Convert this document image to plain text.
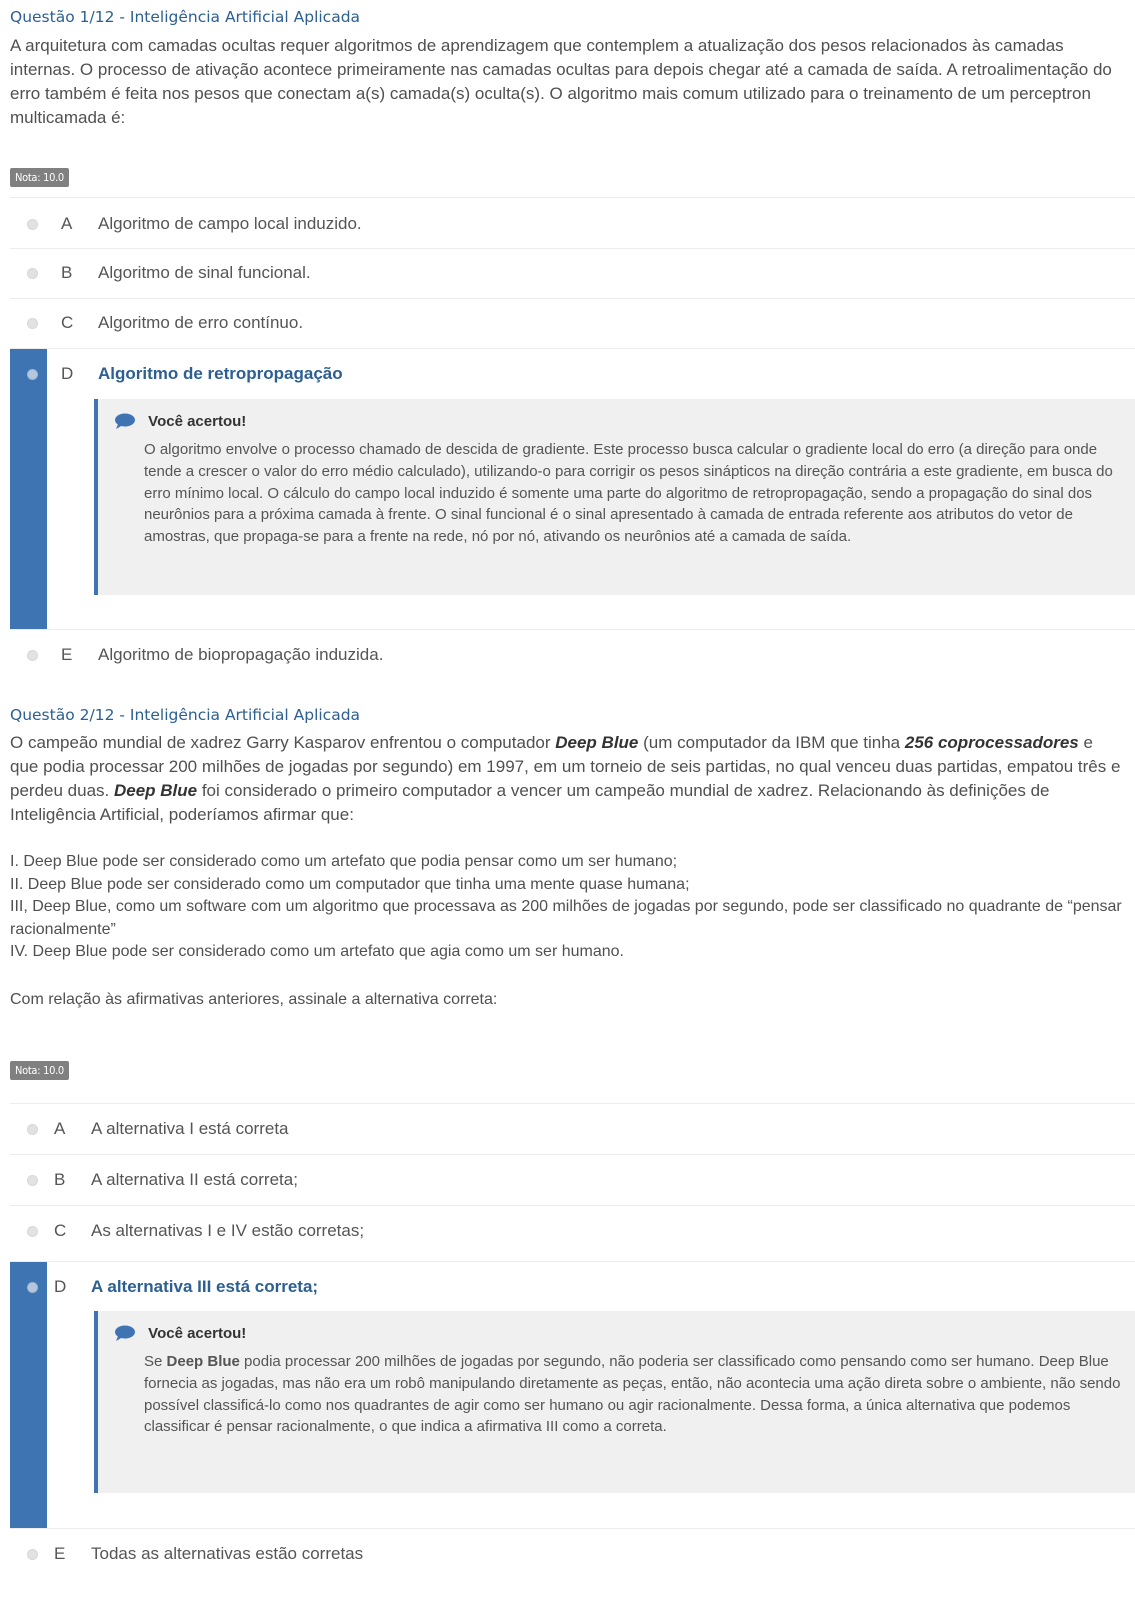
Questão 1/12 - Inteligência Artificial Aplicada

A arquitetura com camadas ocultas requer algoritmos de aprendizagem que contemplem a atualização dos pesos relacionados às camadas internas. O processo de ativação acontece primeiramente nas camadas ocultas para depois chegar até a camada de saída. A retroalimentação do erro também é feita nos pesos que conectam a(s) camada(s) oculta(s). O algoritmo mais comum utilizado para o treinamento de um perceptron multicamada é:

Nota: 10.0
A Algoritmo de campo local induzido.
B Algoritmo de sinal funcional.
C Algoritmo de erro contínuo.
D Algoritmo de retropropagação
Você acertou!

O algoritmo envolve o processo chamado de descida de gradiente. Este processo busca calcular o gradiente local do erro (a direção para onde tende a crescer o valor do erro médio calculado), utilizando-o para corrigir os pesos sinápticos na direção contrária a este gradiente, em busca do erro mínimo local. O cálculo do campo local induzido é somente uma parte do algoritmo de retropropagação, sendo a propagação do sinal dos neurônios para a próxima camada à frente. O sinal funcional é o sinal apresentado à camada de entrada referente aos atributos do vetor de amostras, que propaga-se para a frente na rede, nó por nó, ativando os neurônios até a camada de saída.

E Algoritmo de biopropagação induzida.
Questão 2/12 - Inteligência Artificial Aplicada

O campeão mundial de xadrez Garry Kasparov enfrentou o computador Deep Blue (um computador da IBM que tinha 256 coprocessadores e que podia processar 200 milhões de jogadas por segundo) em 1997, em um torneio de seis partidas, no qual venceu duas partidas, empatou três e perdeu duas. Deep Blue foi considerado o primeiro computador a vencer um campeão mundial de xadrez. Relacionando às definições de Inteligência Artificial, poderíamos afirmar que:

I. Deep Blue pode ser considerado como um artefato que podia pensar como um ser humano;

II. Deep Blue pode ser considerado como um computador que tinha uma mente quase humana;

III, Deep Blue, como um software com um algoritmo que processava as 200 milhões de jogadas por segundo, pode ser classificado no quadrante de “pensar racionalmente”

IV. Deep Blue pode ser considerado como um artefato que agia como um ser humano.

Com relação às afirmativas anteriores, assinale a alternativa correta:

Nota: 10.0
A A alternativa I está correta
B A alternativa II está correta;
C As alternativas I e IV estão corretas;
D A alternativa III está correta;
Você acertou!

Se Deep Blue podia processar 200 milhões de jogadas por segundo, não poderia ser classificado como pensando como ser humano. Deep Blue fornecia as jogadas, mas não era um robô manipulando diretamente as peças, então, não acontecia uma ação direta sobre o ambiente, não sendo possível classificá-lo como nos quadrantes de agir como ser humano ou agir racionalmente. Dessa forma, a única alternativa que podemos classificar é pensar racionalmente, o que indica a afirmativa III como a correta.

E Todas as alternativas estão corretas
